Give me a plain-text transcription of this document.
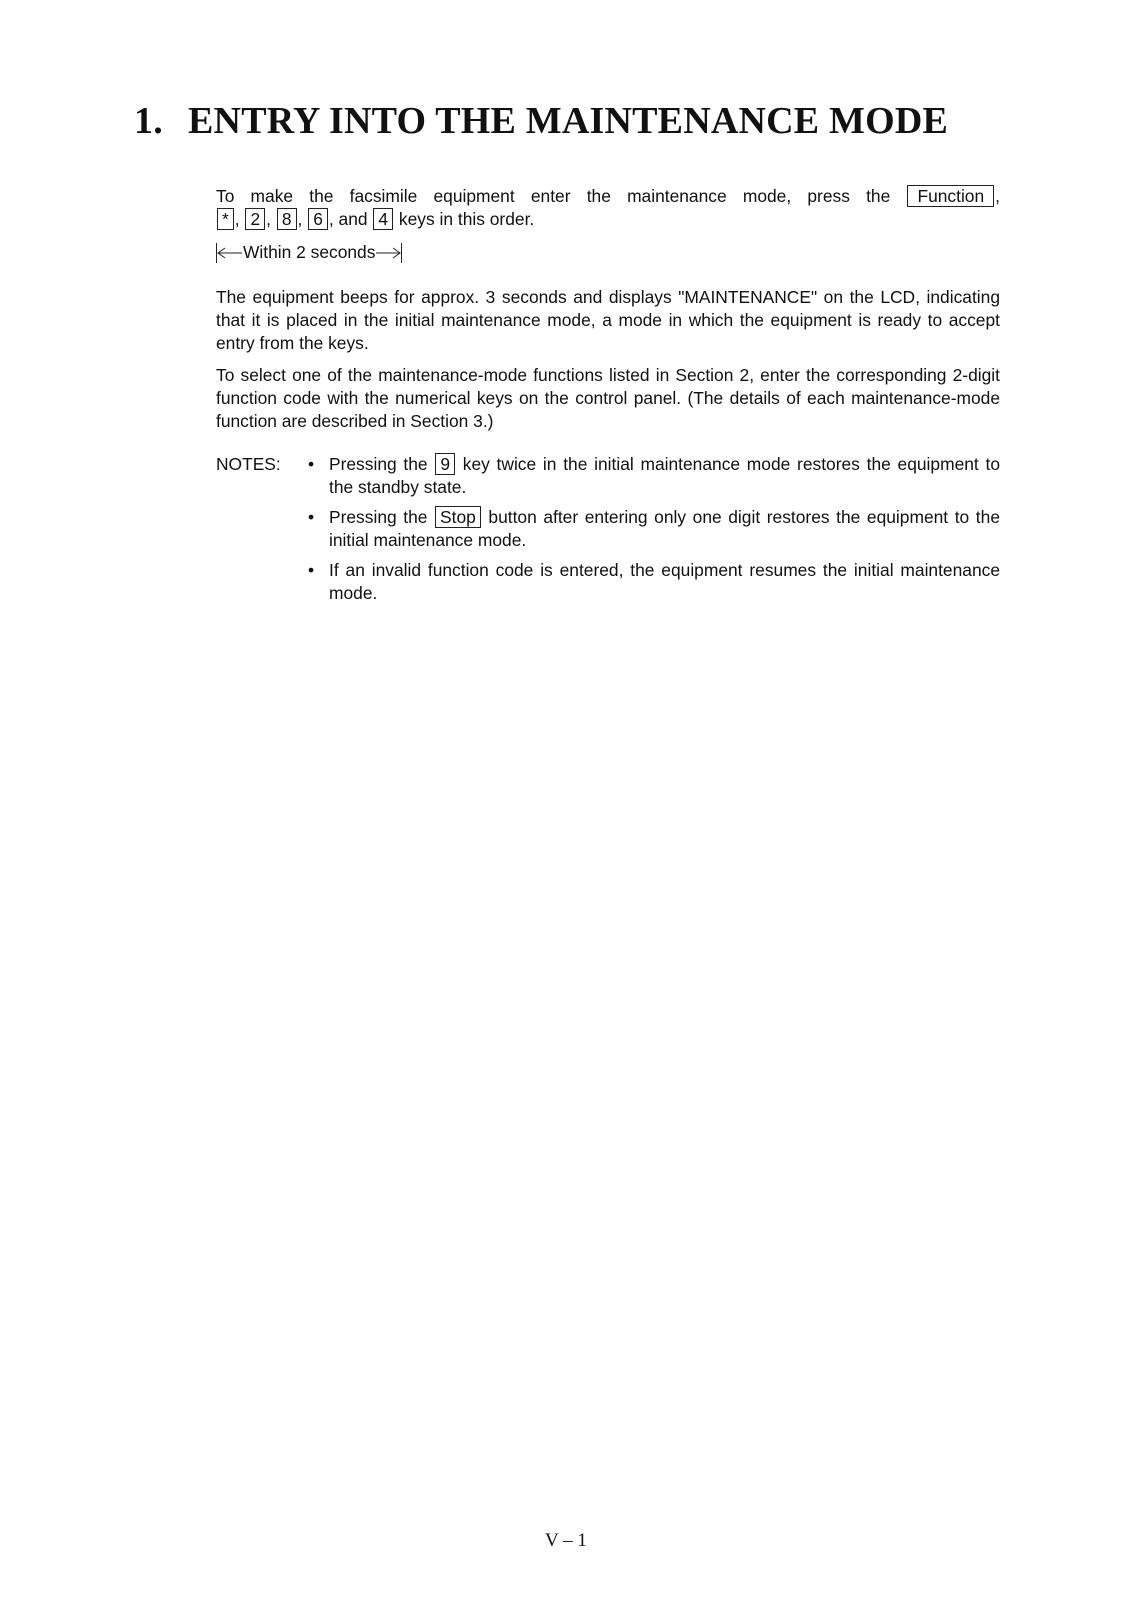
1. ENTRY INTO THE MAINTENANCE MODE
To make the facsimile equipment enter the maintenance mode, press the Function ,
* , 2 , 8 , 6 , and 4 keys in this order.
Within 2 seconds

The equipment beeps for approx. 3 seconds and displays "MAINTENANCE" on the LCD, indicating that it is placed in the initial maintenance mode, a mode in which the equipment is ready to accept entry from the keys.

To select one of the maintenance-mode functions listed in Section 2, enter the corresponding 2-digit function code with the numerical keys on the control panel. (The details of each maintenance-mode function are described in Section 3.)

NOTES: • Pressing the 9 key twice in the initial maintenance mode restores the equipment to the standby state.
• Pressing the Stop button after entering only one digit restores the equipment to the initial maintenance mode.
• If an invalid function code is entered, the equipment resumes the initial maintenance mode.
V – 1
